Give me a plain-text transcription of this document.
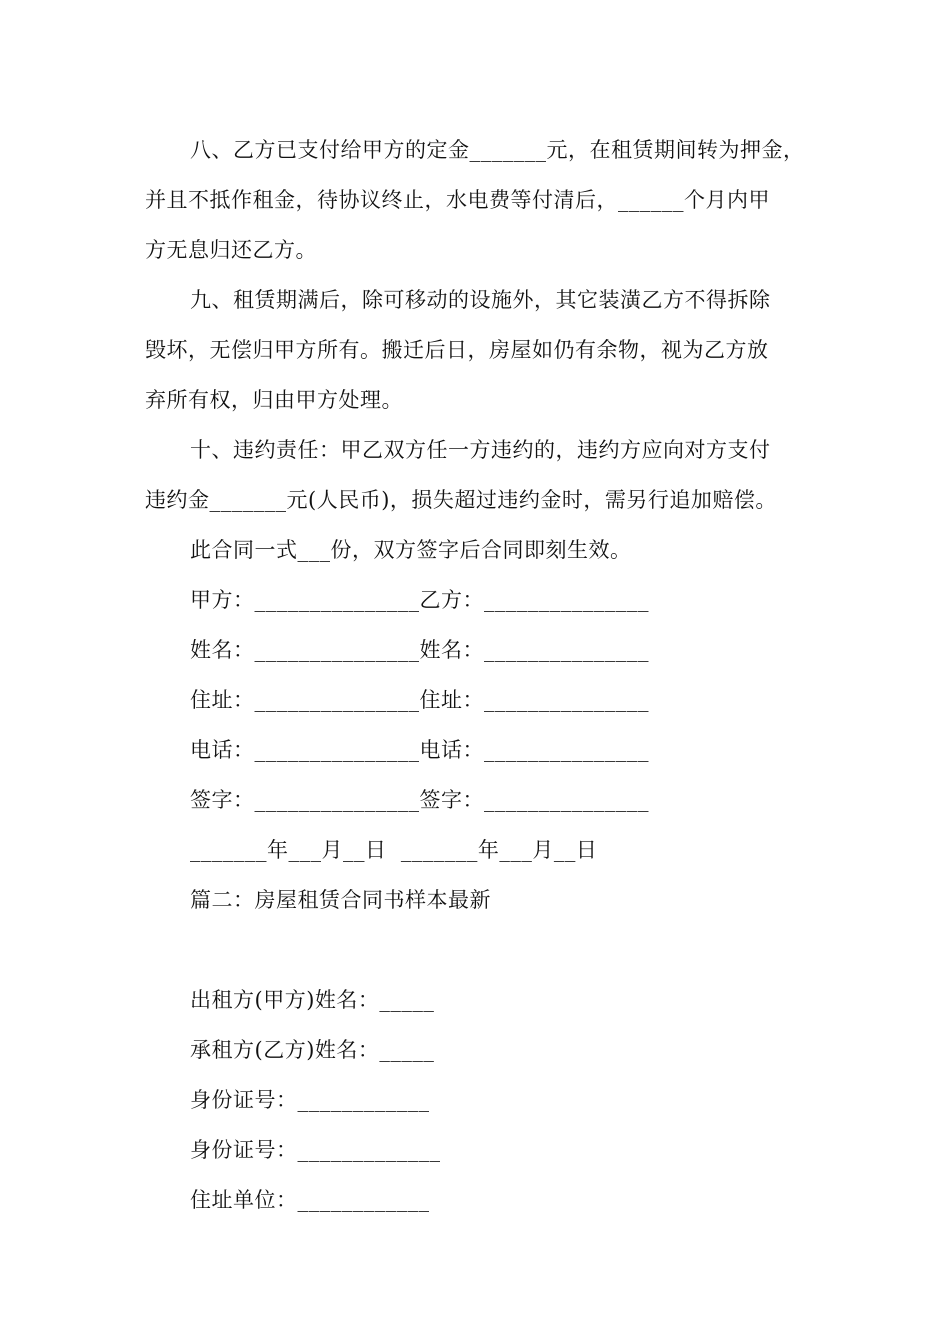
八、乙方已支付给甲方的定金_______元，在租赁期间转为押金，
并且不抵作租金，待协议终止，水电费等付清后，______个月内甲
方无息归还乙方。
九、租赁期满后，除可移动的设施外，其它装潢乙方不得拆除
毁坏，无偿归甲方所有。搬迁后日，房屋如仍有余物，视为乙方放
弃所有权，归由甲方处理。
十、违约责任：甲乙双方任一方违约的，违约方应向对方支付
违约金_______元(人民币)，损失超过违约金时，需另行追加赔偿。
此合同一式___份，双方签字后合同即刻生效。
甲方：_______________乙方：_______________
姓名：_______________姓名：_______________
住址：_______________住址：_______________
电话：_______________电话：_______________
签字：_______________签字：_______________
_______年___月__日  _______年___月__日
篇二：房屋租赁合同书样本最新
出租方(甲方)姓名：_____
承租方(乙方)姓名：_____
身份证号：____________
身份证号：_____________
住址单位：____________
